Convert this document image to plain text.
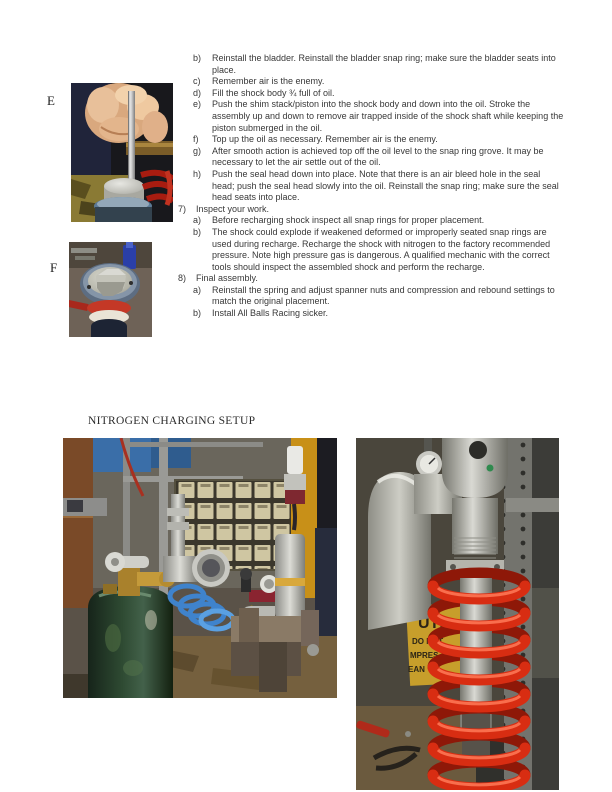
E
F
b)	Reinstall the bladder. Reinstall the bladder snap ring; make sure the bladder seats into place.
c)	Remember air is the enemy.
d)	Fill the shock body ¾ full of oil.
e)	Push the shim stack/piston into the shock body and down into the oil. Stroke the assembly up and down to remove air trapped inside of the shock shaft while keeping the piston submerged in the oil.
f)	Top up the oil as necessary. Remember air is the enemy.
g)	After smooth action is achieved top off the oil level to the snap ring grove. It may be necessary to let the air settle out of the oil.
h)	Push the seal head down into place. Note that there is an air bleed hole in the seal head; push the seal head slowly into the oil. Reinstall the snap ring; make sure the seal head seats into place.
7)	Inspect your work.
a)	Before recharging shock inspect all snap rings for proper placement.
b)	The shock could explode if weakened deformed or improperly seated snap rings are used during recharge. Recharge the shock with nitrogen to the factory recommended pressure. Note high pressure gas is dangerous. A qualified mechanic with the correct tools should inspect the assembled shock and perform the recharge.
8)	Final assembly.
a)	Reinstall the spring and adjust spanner nuts and compression and rebound settings to match the original placement.
b)	Install All Balls Racing sicker.
NITROGEN CHARGING SETUP
UTI
DO NOT
MPRES
EAN
